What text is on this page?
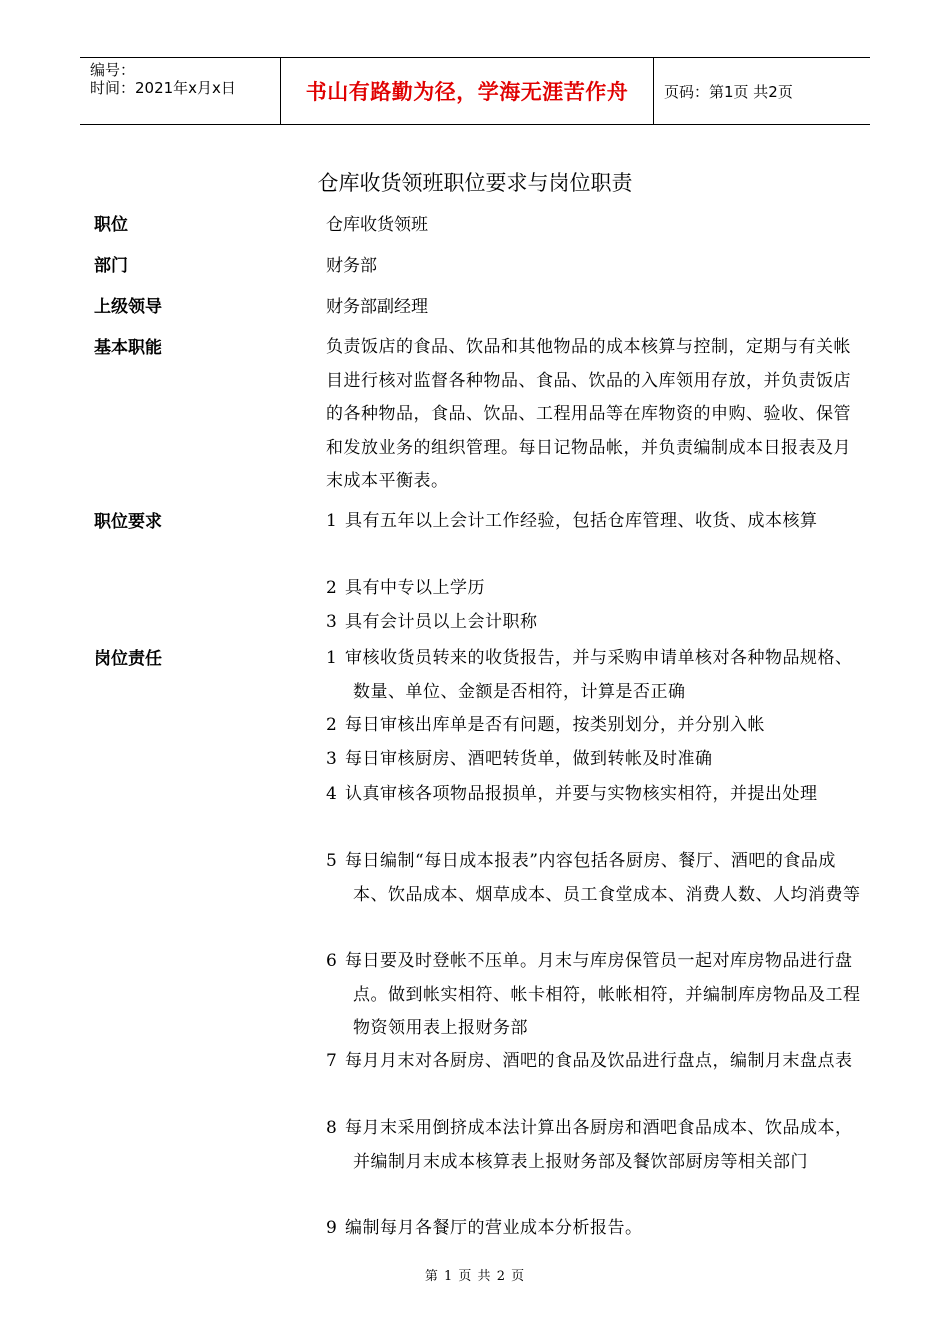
编号：
时间：2021年x月x日	书山有路勤为径，学海无涯苦作舟 页码：第1页 共2页
仓库收货领班职位要求与岗位职责
职位	仓库收货领班
部门	财务部
上级领导	财务部副经理
基本职能	负责饭店的食品、饮品和其他物品的成本核算与控制，定期与有关帐目进行核对监督各种物品、食品、饮品的入库领用存放，并负责饭店的各种物品，食品、饮品、工程用品等在库物资的申购、验收、保管和发放业务的组织管理。每日记物品帐，并负责编制成本日报表及月末成本平衡表。
职位要求	1 具有五年以上会计工作经验，包括仓库管理、收货、成本核算
2 具有中专以上学历
3 具有会计员以上会计职称
岗位责任	1 审核收货员转来的收货报告，并与采购申请单核对各种物品规格、数量、单位、金额是否相符，计算是否正确
2 每日审核出库单是否有问题，按类别划分，并分别入帐
3 每日审核厨房、酒吧转货单，做到转帐及时准确
4 认真审核各项物品报损单，并要与实物核实相符，并提出处理
5 每日编制“每日成本报表”内容包括各厨房、餐厅、酒吧的食品成本、饮品成本、烟草成本、员工食堂成本、消费人数、人均消费等
6 每日要及时登帐不压单。月末与库房保管员一起对库房物品进行盘点。做到帐实相符、帐卡相符，帐帐相符，并编制库房物品及工程物资领用表上报财务部
7 每月月末对各厨房、酒吧的食品及饮品进行盘点，编制月末盘点表
8 每月末采用倒挤成本法计算出各厨房和酒吧食品成本、饮品成本，并编制月末成本核算表上报财务部及餐饮部厨房等相关部门
9 编制每月各餐厅的营业成本分析报告。
第 1 页 共 2 页
